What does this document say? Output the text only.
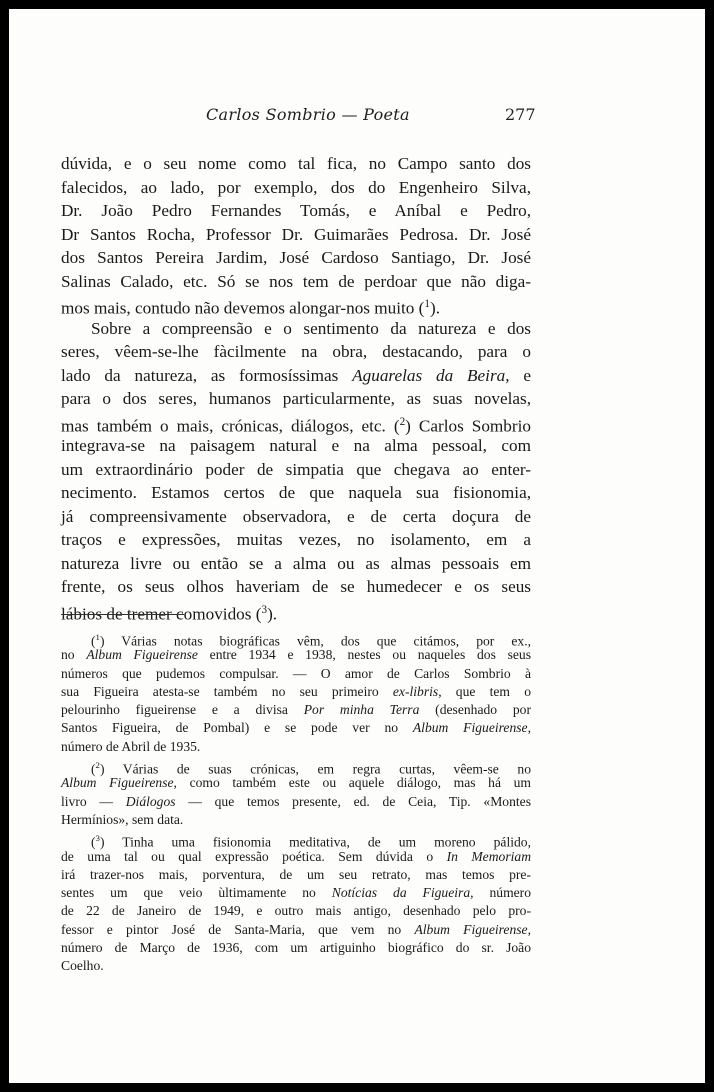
Carlos Sombrio — Poeta	277
dúvida, e o seu nome como tal fica, no Campo santo dos
falecidos, ao lado, por exemplo, dos do Engenheiro Silva,
Dr. João Pedro Fernandes Tomás, e Aníbal e Pedro,
Dr Santos Rocha, Professor Dr. Guimarães Pedrosa. Dr. José
dos Santos Pereira Jardim, José Cardoso Santiago, Dr. José
Salinas Calado, etc. Só se nos tem de perdoar que não diga-
mos mais, contudo não devemos alongar-nos muito ($^1$).
Sobre a compreensão e o sentimento da natureza e dos
seres, vêem-se-lhe fàcilmente na obra, destacando, para o
lado da natureza, as formosíssimas Aguarelas da Beira, e
para o dos seres, humanos particularmente, as suas novelas,
mas também o mais, crónicas, diálogos, etc. ($^2$) Carlos Sombrio
integrava-se na paisagem natural e na alma pessoal, com
um extraordinário poder de simpatia que chegava ao enter-
necimento. Estamos certos de que naquela sua fisionomia,
já compreensivamente observadora, e de certa doçura de
traços e expressões, muitas vezes, no isolamento, em a
natureza livre ou então se a alma ou as almas pessoais em
frente, os seus olhos haveriam de se humedecer e os seus
lábios de tremer comovidos ($^3$).
($^1$) Várias notas biográficas vêm, dos que citámos, por ex.,
no Album Figueirense entre 1934 e 1938, nestes ou naqueles dos seus
números que pudemos compulsar. — O amor de Carlos Sombrio à
sua Figueira atesta-se também no seu primeiro ex-libris, que tem o
pelourinho figueirense e a divisa Por minha Terra (desenhado por
Santos Figueira, de Pombal) e se pode ver no Album Figueirense,
número de Abril de 1935.
($^2$) Várias de suas crónicas, em regra curtas, vêem-se no
Album Figueirense, como também este ou aquele diálogo, mas há um
livro — Diálogos — que temos presente, ed. de Ceia, Tip. «Montes
Hermínios», sem data.
($^3$) Tinha uma fisionomia meditativa, de um moreno pálido,
de uma tal ou qual expressão poética. Sem dúvida o In Memoriam
irá trazer-nos mais, porventura, de um seu retrato, mas temos pre-
sentes um que veio ùltimamente no Notícias da Figueira, número
de 22 de Janeiro de 1949, e outro mais antigo, desenhado pelo pro-
fessor e pintor José de Santa-Maria, que vem no Album Figueirense,
número de Março de 1936, com um artiguinho biográfico do sr. João
Coelho.
